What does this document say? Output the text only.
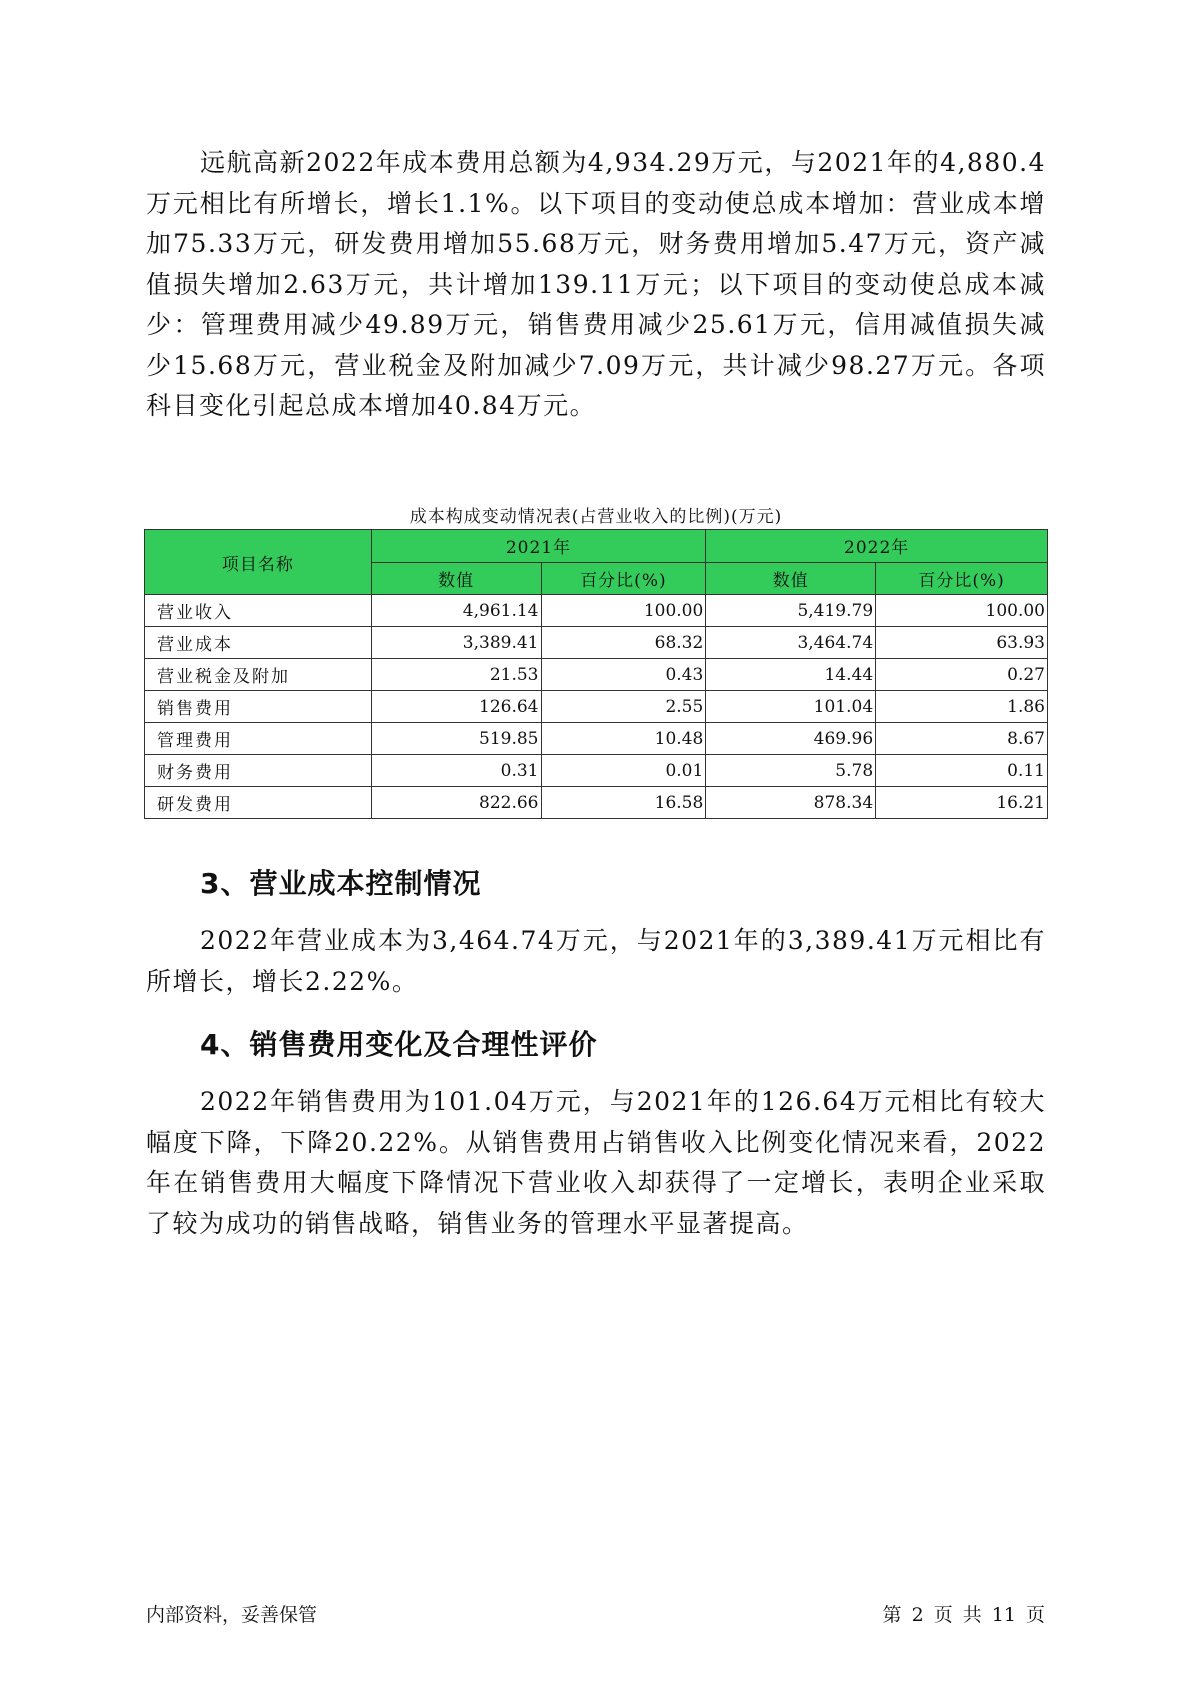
远航高新2022年成本费用总额为4,934.29万元，与2021年的4,880.4万元相比有所增长，增长1.1%。以下项目的变动使总成本增加：营业成本增加75.33万元，研发费用增加55.68万元，财务费用增加5.47万元，资产减值损失增加2.63万元，共计增加139.11万元；以下项目的变动使总成本减少：管理费用减少49.89万元，销售费用减少25.61万元，信用减值损失减少15.68万元，营业税金及附加减少7.09万元，共计减少98.27万元。各项科目变化引起总成本增加40.84万元。

成本构成变动情况表(占营业收入的比例)(万元)
项目名称	2021年		2022年	
	数值	百分比(%)	数值	百分比(%)
营业收入	4,961.14	100.00	5,419.79	100.00
营业成本	3,389.41	68.32	3,464.74	63.93
营业税金及附加	21.53	0.43	14.44	0.27
销售费用	126.64	2.55	101.04	1.86
管理费用	519.85	10.48	469.96	8.67
财务费用	0.31	0.01	5.78	0.11
研发费用	822.66	16.58	878.34	16.21
3、营业成本控制情况

2022年营业成本为3,464.74万元，与2021年的3,389.41万元相比有所增长，增长2.22%。

4、销售费用变化及合理性评价

2022年销售费用为101.04万元，与2021年的126.64万元相比有较大幅度下降，下降20.22%。从销售费用占销售收入比例变化情况来看，2022年在销售费用大幅度下降情况下营业收入却获得了一定增长，表明企业采取了较为成功的销售战略，销售业务的管理水平显著提高。

内部资料，妥善保管	第 2 页 共 11 页
